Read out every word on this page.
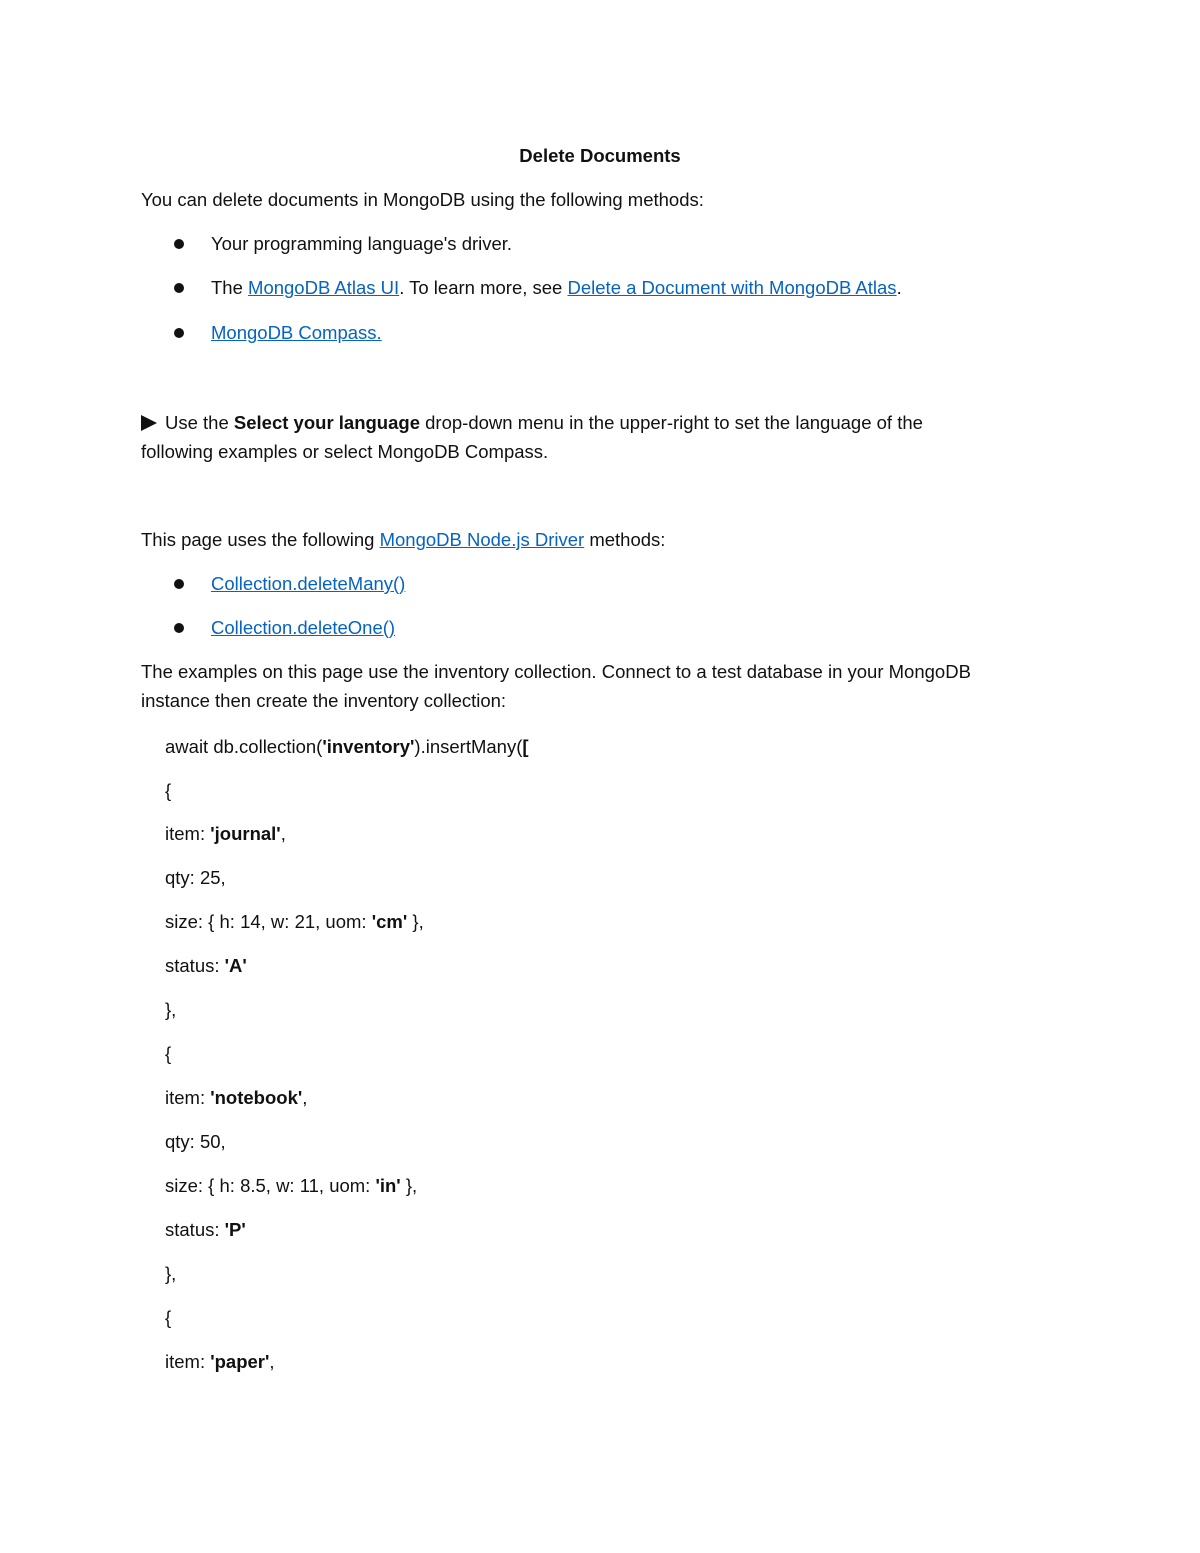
Delete Documents
You can delete documents in MongoDB using the following methods:
Your programming language's driver.
The MongoDB Atlas UI. To learn more, see Delete a Document with MongoDB Atlas.
MongoDB Compass.
Use the Select your language drop-down menu in the upper-right to set the language of the
following examples or select MongoDB Compass.
This page uses the following MongoDB Node.js Driver methods:
Collection.deleteMany()
Collection.deleteOne()
The examples on this page use the inventory collection. Connect to a test database in your MongoDB
instance then create the inventory collection:
await db.collection('inventory').insertMany([
{
item: 'journal',
qty: 25,
size: { h: 14, w: 21, uom: 'cm' },
status: 'A'
},
{
item: 'notebook',
qty: 50,
size: { h: 8.5, w: 11, uom: 'in' },
status: 'P'
},
{
item: 'paper',
